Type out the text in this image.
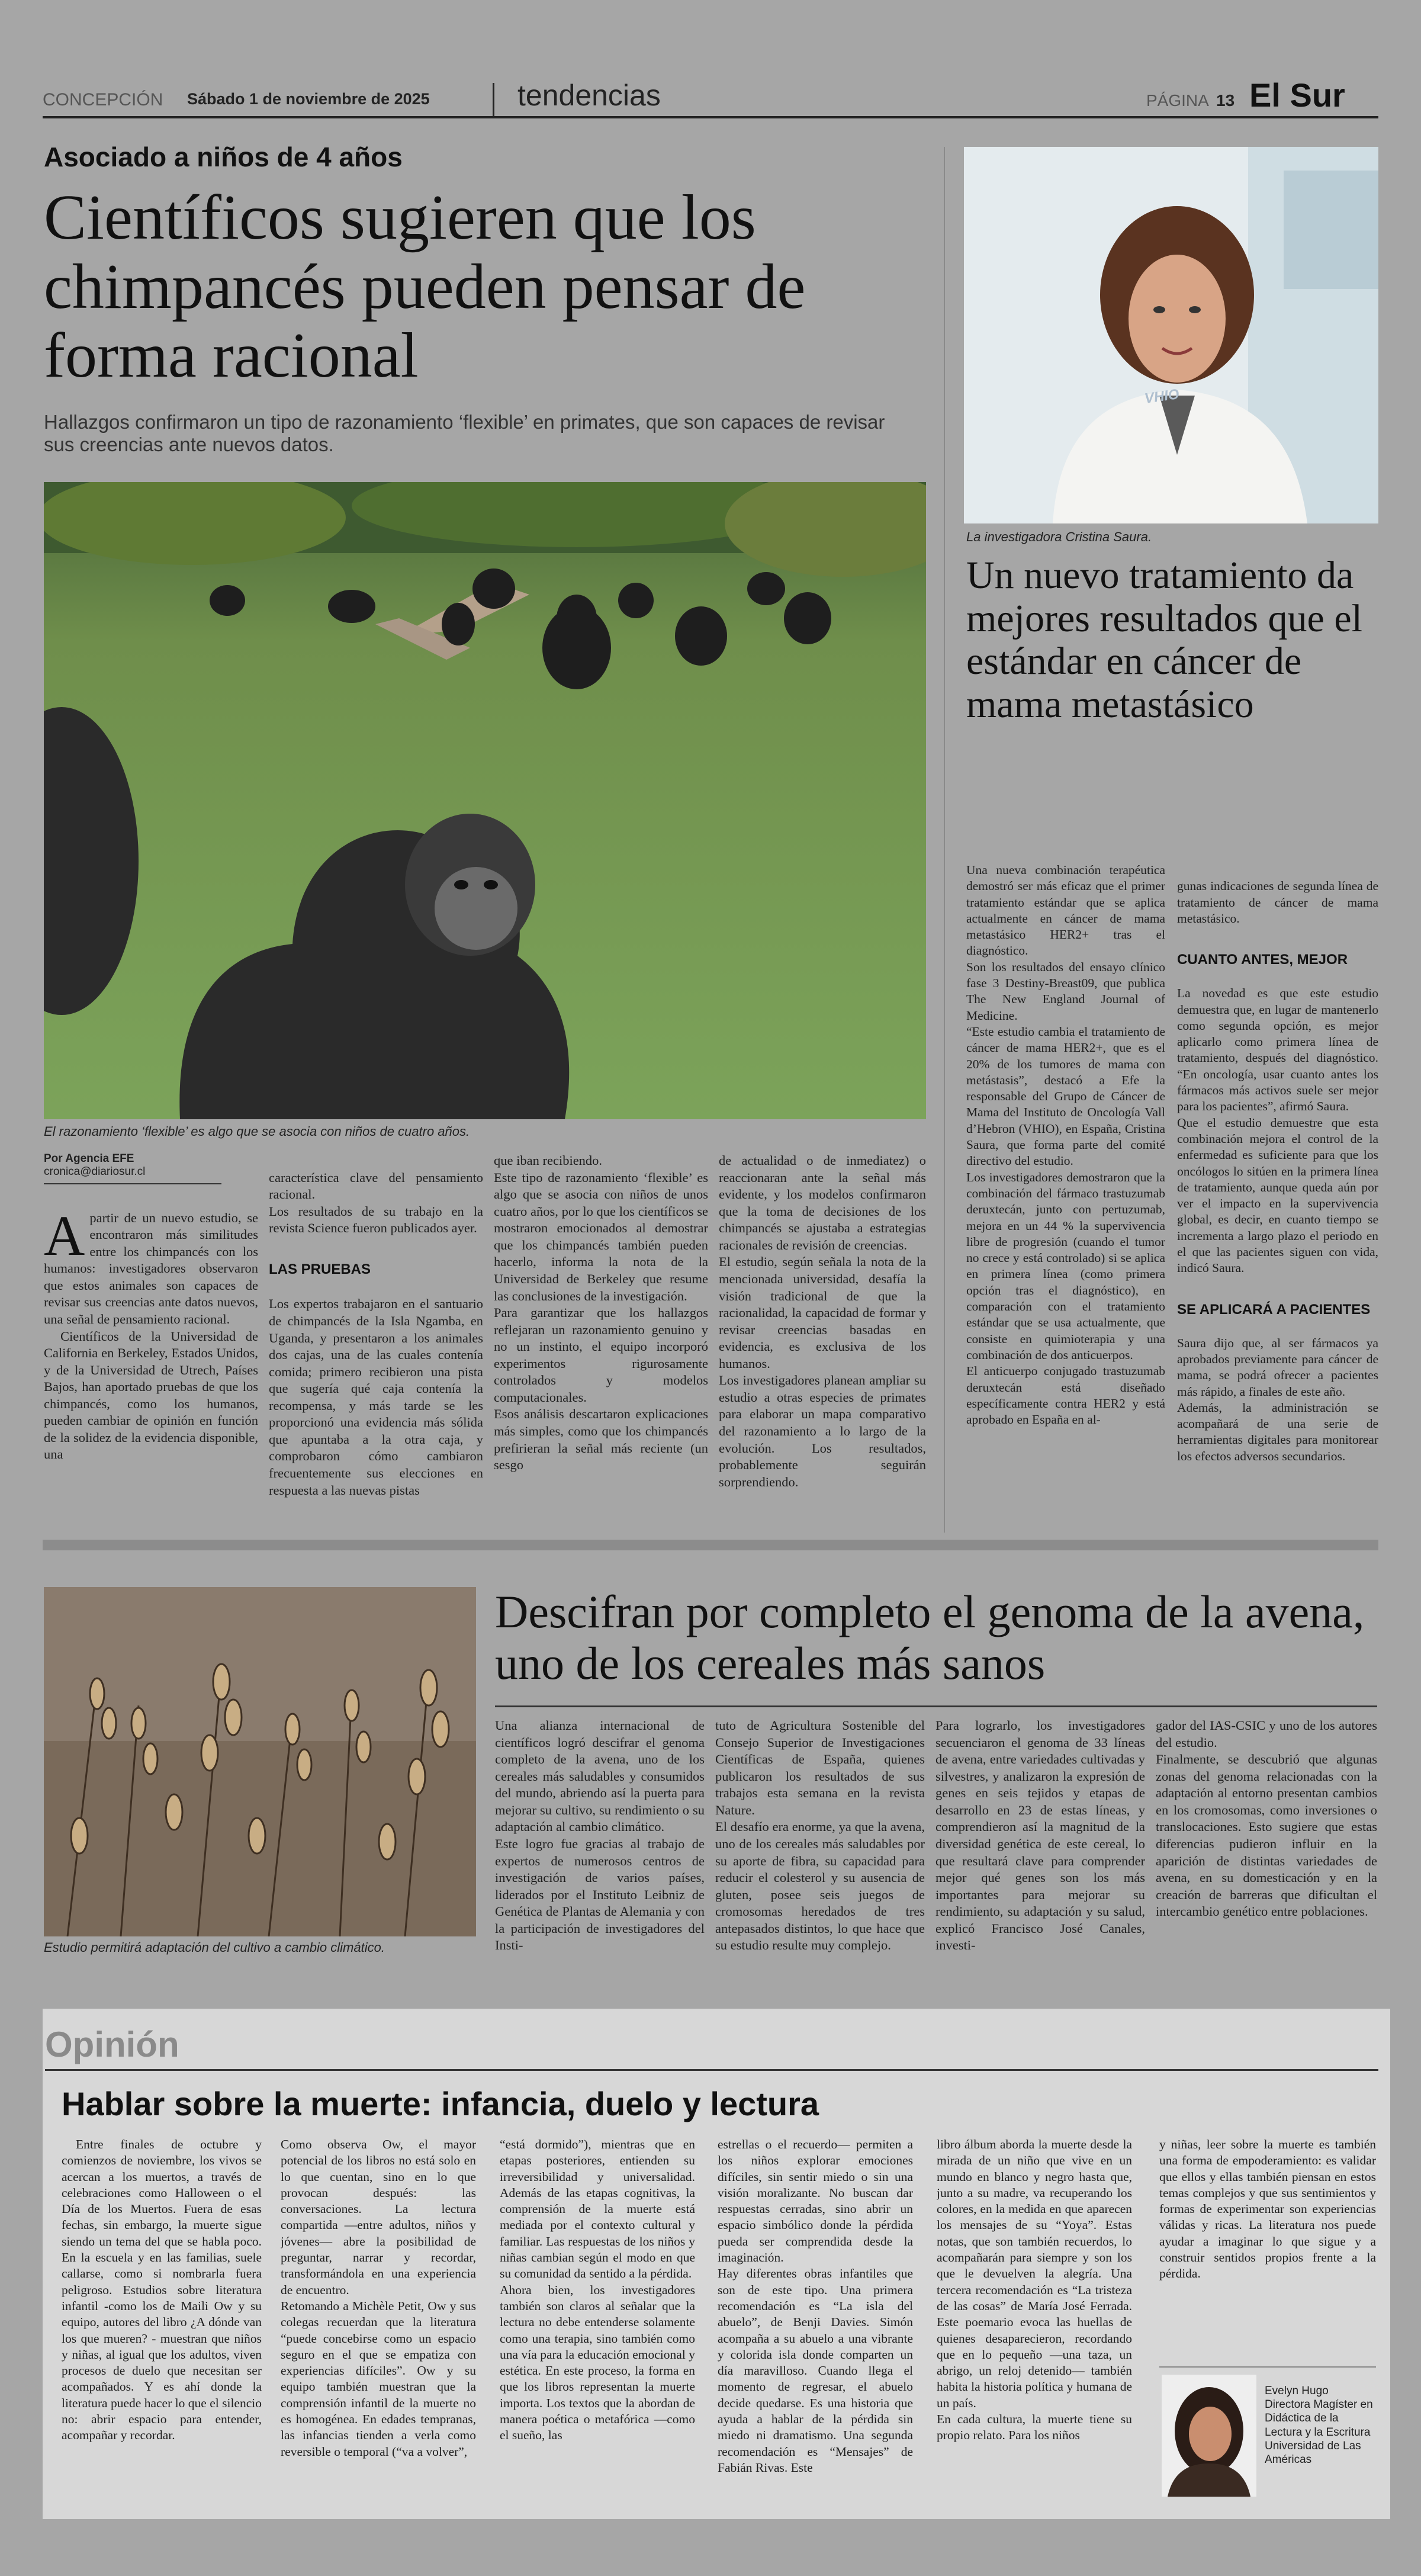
CONCEPCIÓN Sábado 1 de noviembre de 2025	tendencias	PÁGINA 13 El Sur
Asociado a niños de 4 años
Científicos sugieren que los chimpancés pueden pensar de forma racional
Hallazgos confirmaron un tipo de razonamiento ‘flexible’ en primates, que son capaces de revisar sus creencias ante nuevos datos.
El razonamiento ‘flexible’ es algo que se asocia con niños de cuatro años.
Por Agencia EFE
cronica@diariosur.cl

Apartir de un nuevo estudio, se encontraron más similitudes entre los chimpancés con los humanos: investigadores observaron que estos animales son capaces de revisar sus creencias ante datos nuevos, una señal de pensamiento racional.

Científicos de la Universidad de California en Berkeley, Estados Unidos, y de la Universidad de Utrech, Países Bajos, han aportado pruebas de que los chimpancés, como los humanos, pueden cambiar de opinión en función de la solidez de la evidencia disponible, una

característica clave del pensamiento racional.
Los resultados de su trabajo en la revista Science fueron publicados ayer.

LAS PRUEBAS

Los expertos trabajaron en el santuario de chimpancés de la Isla Ngamba, en Uganda, y presentaron a los animales dos cajas, una de las cuales contenía comida; primero recibieron una pista que sugería qué caja contenía la recompensa, y más tarde se les proporcionó una evidencia más sólida que apuntaba a la otra caja, y comprobaron cómo cambiaron frecuentemente sus elecciones en respuesta a las nuevas pistas

que iban recibiendo.
Este tipo de razonamiento ‘flexible’ es algo que se asocia con niños de unos cuatro años, por lo que los científicos se mostraron emocionados al demostrar que los chimpancés también pueden hacerlo, informa la nota de la Universidad de Berkeley que resume las conclusiones de la investigación.
Para garantizar que los hallazgos reflejaran un razonamiento genuino y no un instinto, el equipo incorporó experimentos rigurosamente controlados y modelos computacionales.
Esos análisis descartaron explicaciones más simples, como que los chimpancés prefirieran la señal más reciente (un sesgo
de actualidad o de inmediatez) o reaccionaran ante la señal más evidente, y los modelos confirmaron que la toma de decisiones de los chimpancés se ajustaba a estrategias racionales de revisión de creencias.
El estudio, según señala la nota de la mencionada universidad, desafía la visión tradicional de que la racionalidad, la capacidad de formar y revisar creencias basadas en evidencia, es exclusiva de los humanos.
Los investigadores planean ampliar su estudio a otras especies de primates para elaborar un mapa comparativo del razonamiento a lo largo de la evolución. Los resultados, probablemente seguirán sorprendiendo.
VHIO
La investigadora Cristina Saura.
Un nuevo tratamiento da mejores resultados que el estándar en cáncer de mama metastásico
Una nueva combinación terapéutica demostró ser más eficaz que el primer tratamiento estándar que se aplica actualmente en cáncer de mama metastásico HER2+ tras el diagnóstico.
Son los resultados del ensayo clínico fase 3 Destiny-Breast09, que publica The New England Journal of Medicine.
“Este estudio cambia el tratamiento de cáncer de mama HER2+, que es el 20% de los tumores de mama con metástasis”, destacó a Efe la responsable del Grupo de Cáncer de Mama del Instituto de Oncología Vall d’Hebron (VHIO), en España, Cristina Saura, que forma parte del comité directivo del estudio.
Los investigadores demostraron que la combinación del fármaco trastuzumab deruxtecán, junto con pertuzumab, mejora en un 44 % la supervivencia libre de progresión (cuando el tumor no crece y está controlado) si se aplica en primera línea (como primera opción tras el diagnóstico), en comparación con el tratamiento estándar que se usa actualmente, que consiste en quimioterapia y una combinación de dos anticuerpos.
El anticuerpo conjugado trastuzumab deruxtecán está diseñado específicamente contra HER2 y está aprobado en España en al-

gunas indicaciones de segunda línea de tratamiento de cáncer de mama metastásico.

CUANTO ANTES, MEJOR

La novedad es que este estudio demuestra que, en lugar de mantenerlo como segunda opción, es mejor aplicarlo como primera línea de tratamiento, después del diagnóstico. “En oncología, usar cuanto antes los fármacos más activos suele ser mejor para los pacientes”, afirmó Saura.
Que el estudio demuestre que esta combinación mejora el control de la enfermedad es suficiente para que los oncólogos lo sitúen en la primera línea de tratamiento, aunque queda aún por ver el impacto en la supervivencia global, es decir, en cuanto tiempo se incrementa a largo plazo el periodo en el que las pacientes siguen con vida, indicó Saura.

SE APLICARÁ A PACIENTES

Saura dijo que, al ser fármacos ya aprobados previamente para cáncer de mama, se podrá ofrecer a pacientes más rápido, a finales de este año.
Además, la administración se acompañará de una serie de herramientas digitales para monitorear los efectos adversos secundarios.

Estudio permitirá adaptación del cultivo a cambio climático.
Descifran por completo el genoma de la avena, uno de los cereales más sanos
Una alianza internacional de científicos logró descifrar el genoma completo de la avena, uno de los cereales más saludables y consumidos del mundo, abriendo así la puerta para mejorar su cultivo, su rendimiento o su adaptación al cambio climático.
Este logro fue gracias al trabajo de expertos de numerosos centros de investigación de varios países, liderados por el Instituto Leibniz de Genética de Plantas de Alemania y con la participación de investigadores del Insti-
tuto de Agricultura Sostenible del Consejo Superior de Investigaciones Científicas de España, quienes publicaron los resultados de sus trabajos esta semana en la revista Nature.
El desafío era enorme, ya que la avena, uno de los cereales más saludables por su aporte de fibra, su capacidad para reducir el colesterol y su ausencia de gluten, posee seis juegos de cromosomas heredados de tres antepasados distintos, lo que hace que su estudio resulte muy complejo.
Para lograrlo, los investigadores secuenciaron el genoma de 33 líneas de avena, entre variedades cultivadas y silvestres, y analizaron la expresión de genes en seis tejidos y etapas de desarrollo en 23 de estas líneas, y comprendieron así la magnitud de la diversidad genética de este cereal, lo que resultará clave para comprender mejor qué genes son los más importantes para mejorar su rendimiento, su adaptación y su salud, explicó Francisco José Canales, investi-
gador del IAS-CSIC y uno de los autores del estudio.
Finalmente, se descubrió que algunas zonas del genoma relacionadas con la adaptación al entorno presentan cambios en los cromosomas, como inversiones o translocaciones. Esto sugiere que estas diferencias pudieron influir en la aparición de distintas variedades de avena, en su domesticación y en la creación de barreras que dificultan el intercambio genético entre poblaciones.
Opinión
Hablar sobre la muerte: infancia, duelo y lectura
Entre finales de octubre y comienzos de noviembre, los vivos se acercan a los muertos, a través de celebraciones como Halloween o el Día de los Muertos. Fuera de esas fechas, sin embargo, la muerte sigue siendo un tema del que se habla poco. En la escuela y en las familias, suele callarse, como si nombrarla fuera peligroso. Estudios sobre literatura infantil -como los de Maili Ow y su equipo, autores del libro ¿A dónde van los que mueren? - muestran que niños y niñas, al igual que los adultos, viven procesos de duelo que necesitan ser acompañados. Y es ahí donde la literatura puede hacer lo que el silencio no: abrir espacio para entender, acompañar y recordar.
Como observa Ow, el mayor potencial de los libros no está solo en lo que cuentan, sino en lo que provocan después: las conversaciones. La lectura compartida —entre adultos, niños y jóvenes— abre la posibilidad de preguntar, narrar y recordar, transformándola en una experiencia de encuentro.
Retomando a Michèle Petit, Ow y sus colegas recuerdan que la literatura “puede concebirse como un espacio seguro en el que se empatiza con experiencias difíciles”. Ow y su equipo también muestran que la comprensión infantil de la muerte no es homogénea. En edades tempranas, las infancias tienden a verla como reversible o temporal (“va a volver”,
“está dormido”), mientras que en etapas posteriores, entienden su irreversibilidad y universalidad. Además de las etapas cognitivas, la comprensión de la muerte está mediada por el contexto cultural y familiar. Las respuestas de los niños y niñas cambian según el modo en que su comunidad da sentido a la pérdida.
Ahora bien, los investigadores también son claros al señalar que la lectura no debe entenderse solamente como una terapia, sino también como una vía para la educación emocional y estética. En este proceso, la forma en que los libros representan la muerte importa. Los textos que la abordan de manera poética o metafórica —como el sueño, las
estrellas o el recuerdo— permiten a los niños explorar emociones difíciles, sin sentir miedo o sin una visión moralizante. No buscan dar respuestas cerradas, sino abrir un espacio simbólico donde la pérdida pueda ser comprendida desde la imaginación.
Hay diferentes obras infantiles que son de este tipo. Una primera recomendación es “La isla del abuelo”, de Benji Davies. Simón acompaña a su abuelo a una vibrante y colorida isla donde comparten un día maravilloso. Cuando llega el momento de regresar, el abuelo decide quedarse. Es una historia que ayuda a hablar de la pérdida sin miedo ni dramatismo. Una segunda recomendación es “Mensajes” de Fabián Rivas. Este
libro álbum aborda la muerte desde la mirada de un niño que vive en un mundo en blanco y negro hasta que, junto a su madre, va recuperando los colores, en la medida en que aparecen los mensajes de su “Yoya”. Estas notas, que son también recuerdos, lo acompañarán para siempre y son los que le devuelven la alegría. Una tercera recomendación es “La tristeza de las cosas” de María José Ferrada. Este poemario evoca las huellas de quienes desaparecieron, recordando que en lo pequeño —una taza, un abrigo, un reloj detenido— también habita la historia política y humana de un país.
En cada cultura, la muerte tiene su propio relato. Para los niños
y niñas, leer sobre la muerte es también una forma de empoderamiento: es validar que ellos y ellas también piensan en estos temas complejos y que sus sentimientos y formas de experimentar son experiencias válidas y ricas. La literatura nos puede ayudar a imaginar lo que sigue y a construir sentidos propios frente a la pérdida.
Evelyn Hugo
Directora Magíster en Didáctica de la Lectura y la Escritura Universidad de Las Américas
